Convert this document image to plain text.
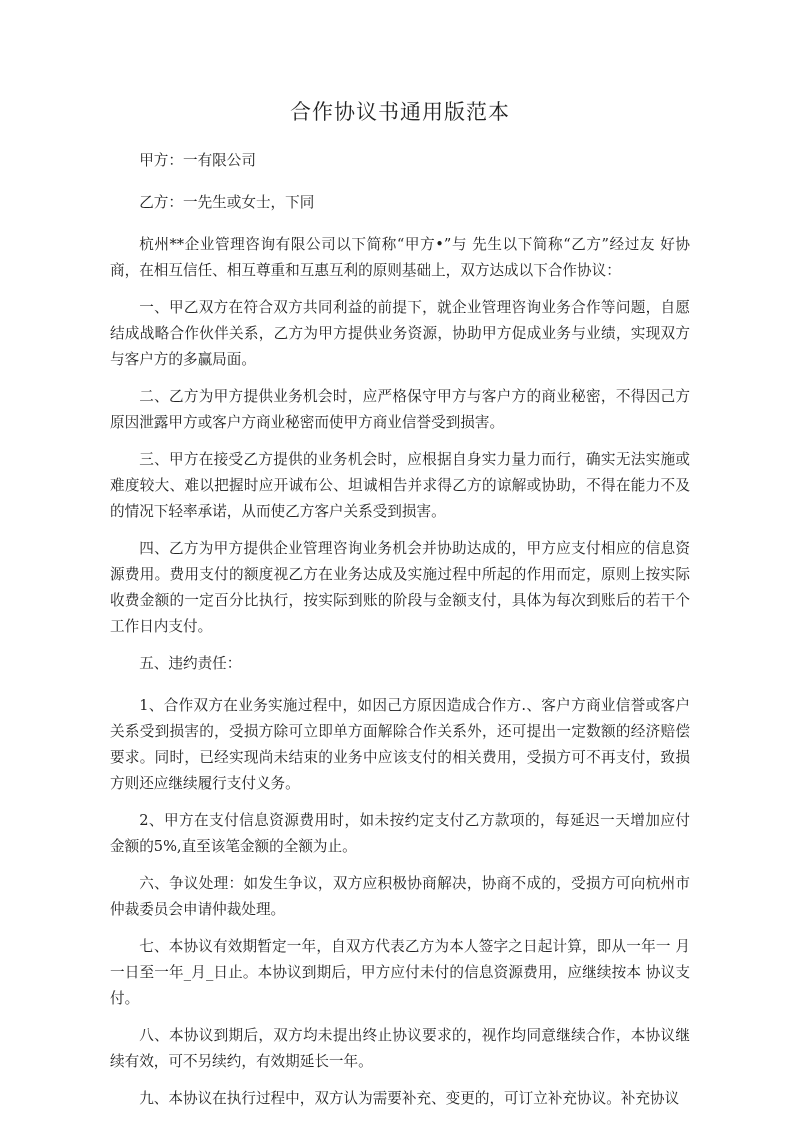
合作协议书通用版范本

甲方：一有限公司

乙方：一先生或女士，下同

杭州**企业管理咨询有限公司以下简称“甲方•”与 先生以下简称“乙方”经过友 好协商，在相互信任、相互尊重和互惠互利的原则基础上，双方达成以下合作协议：

一、甲乙双方在符合双方共同利益的前提下，就企业管理咨询业务合作等问题，自愿结成战略合作伙伴关系，乙方为甲方提供业务资源，协助甲方促成业务与业绩，实现双方 与客户方的多赢局面。

二、乙方为甲方提供业务机会时，应严格保守甲方与客户方的商业秘密，不得因己方原因泄露甲方或客户方商业秘密而使甲方商业信誉受到损害。

三、甲方在接受乙方提供的业务机会时，应根据自身实力量力而行，确实无法实施或难度较大、难以把握时应开诚布公、坦诚相告并求得乙方的谅解或协助，不得在能力不及 的情况下轻率承诺，从而使乙方客户关系受到损害。

四、乙方为甲方提供企业管理咨询业务机会并协助达成的，甲方应支付相应的信息资源费用。费用支付的额度视乙方在业务达成及实施过程中所起的作用而定，原则上按实际 收费金额的一定百分比执行，按实际到账的阶段与金额支付，具体为每次到账后的若干个 工作日内支付。

五、违约责任：

1、合作双方在业务实施过程中，如因己方原因造成合作方.、客户方商业信誉或客户 关系受到损害的，受损方除可立即单方面解除合作关系外，还可提出一定数额的经济赔偿 要求。同时，已经实现尚未结束的业务中应该支付的相关费用，受损方可不再支付，致损 方则还应继续履行支付义务。

2、甲方在支付信息资源费用时，如未按约定支付乙方款项的，每延迟一天增加应付 金额的5%,直至该笔金额的全额为止。

六、争议处理：如发生争议，双方应积极协商解决，协商不成的，受损方可向杭州市仲裁委员会申请仲裁处理。

七、本协议有效期暂定一年，自双方代表乙方为本人签字之日起计算，即从一年一 月一日至一年_月_日止。本协议到期后，甲方应付未付的信息资源费用，应继续按本 协议支付。

八、本协议到期后，双方均未提出终止协议要求的，视作均同意继续合作，本协议继续有效，可不另续约，有效期延长一年。

九、本协议在执行过程中，双方认为需要补充、变更的，可订立补充协议。补充协议
